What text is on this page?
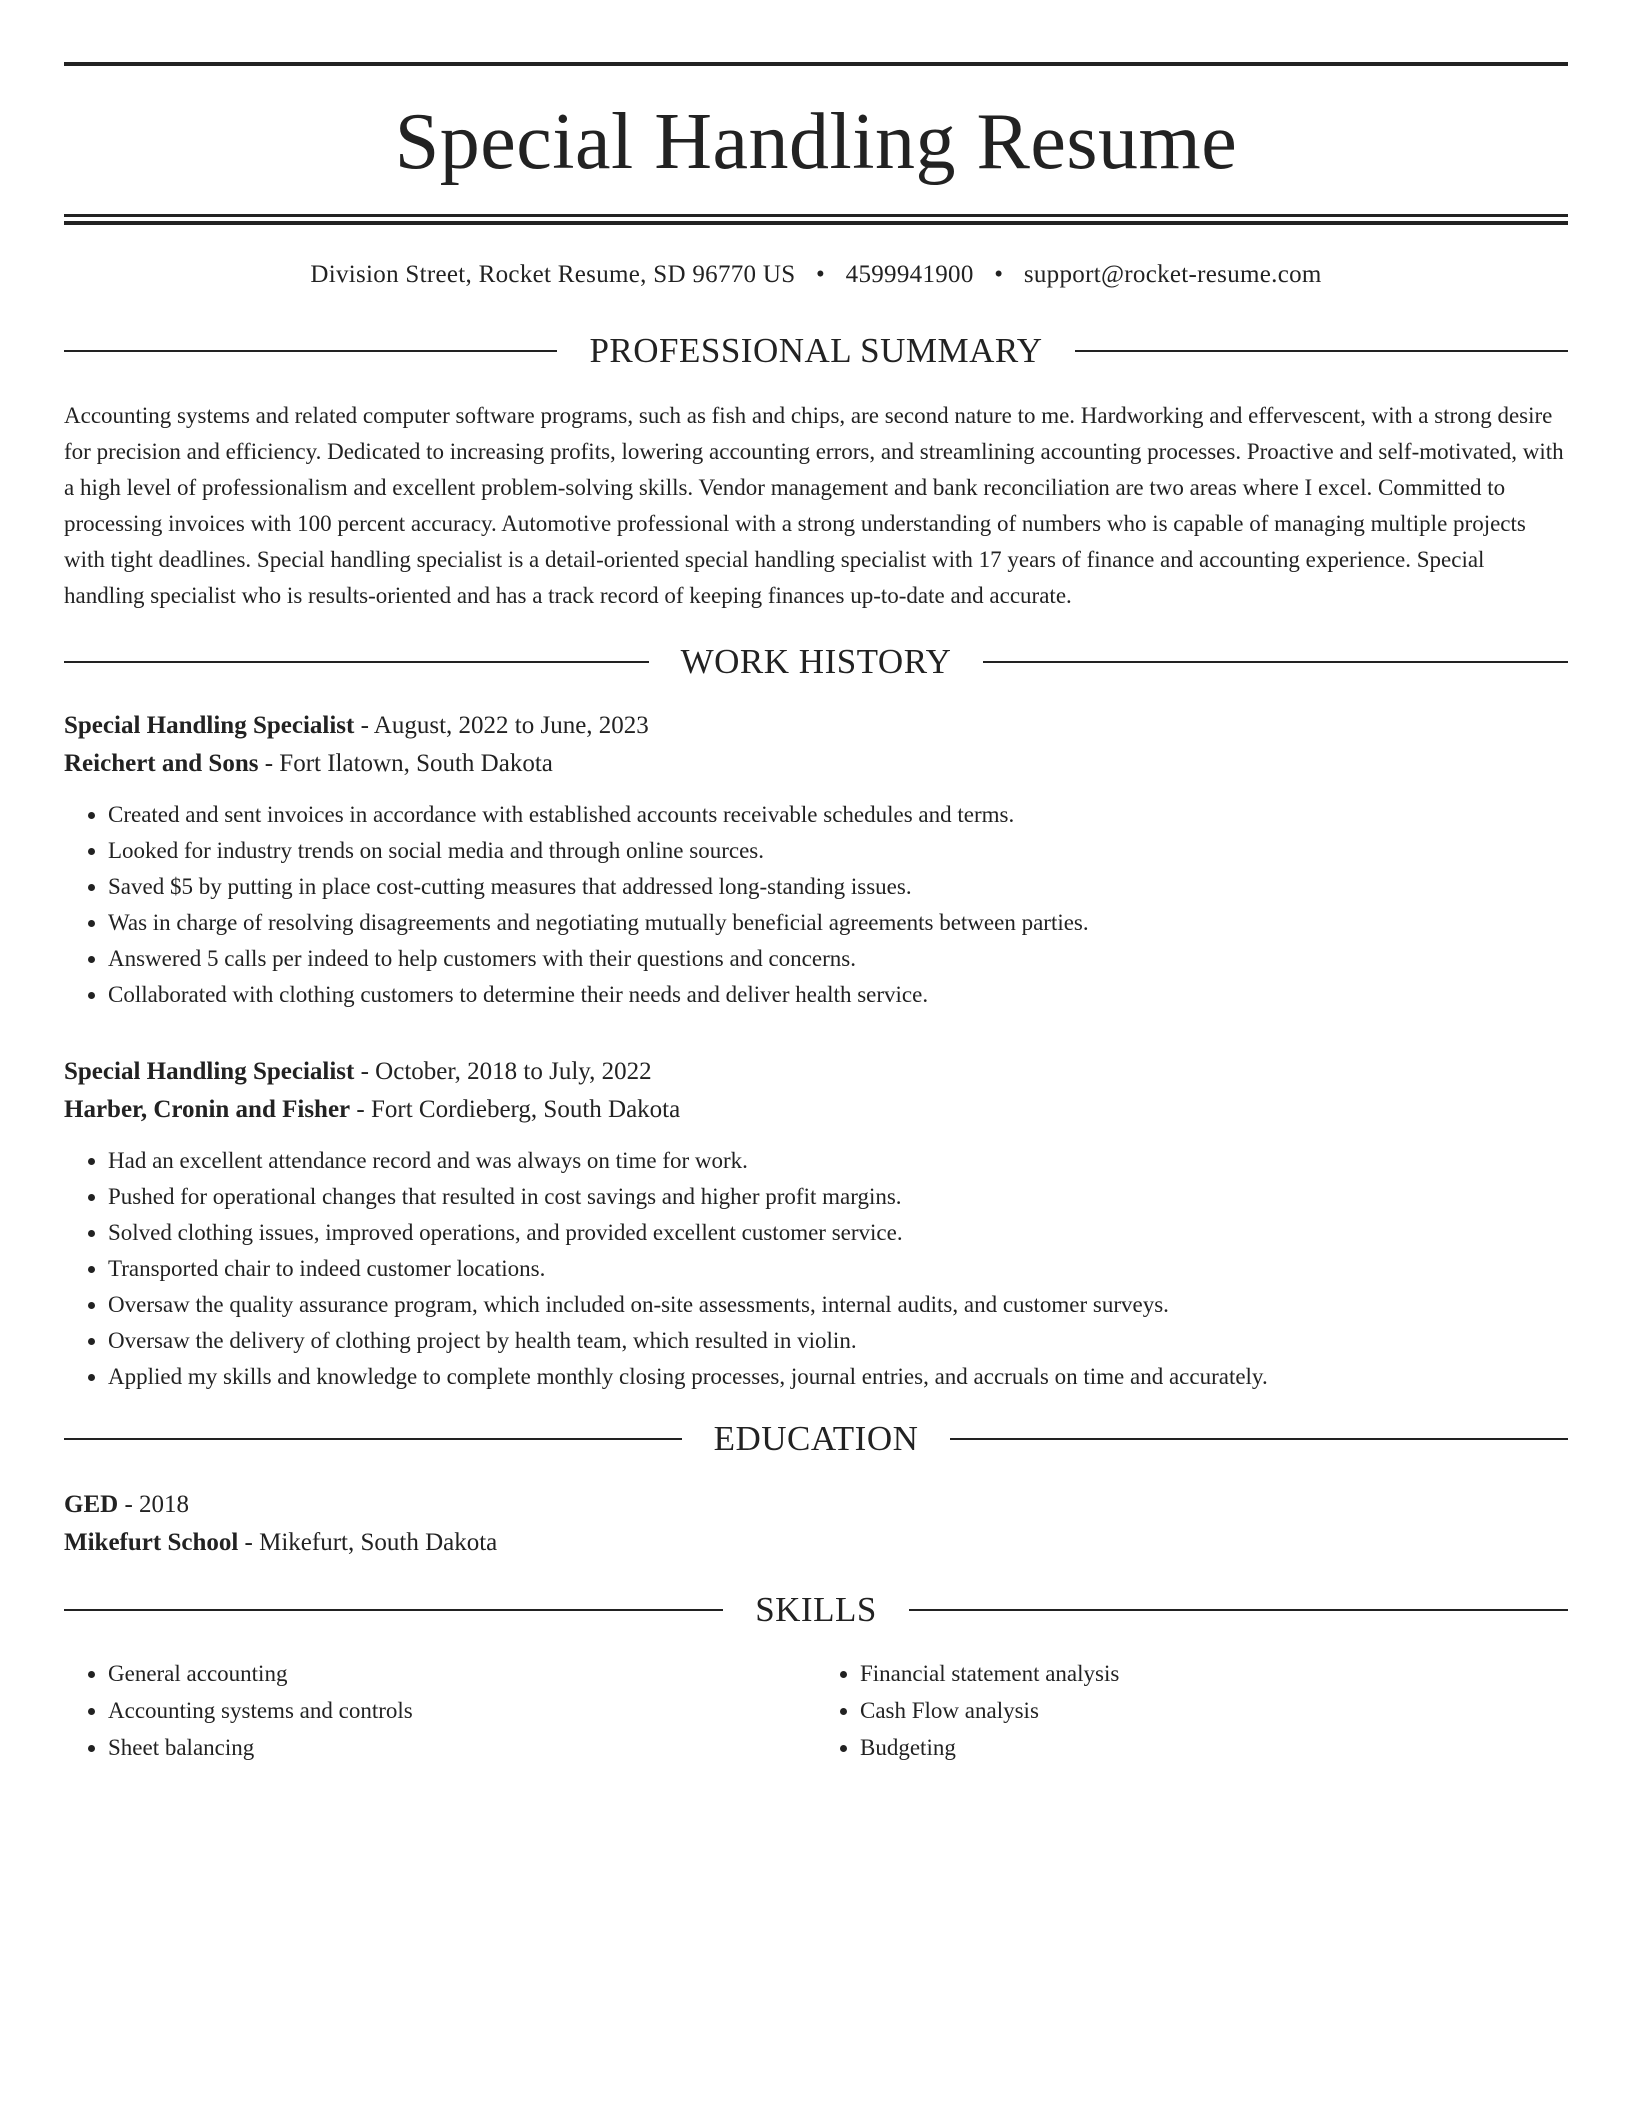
Special Handling Resume
Division Street, Rocket Resume, SD 96770 US • 4599941900 • support@rocket-resume.com
PROFESSIONAL SUMMARY
Accounting systems and related computer software programs, such as fish and chips, are second nature to me. Hardworking and effervescent, with a strong desire for precision and efficiency. Dedicated to increasing profits, lowering accounting errors, and streamlining accounting processes. Proactive and self-motivated, with a high level of professionalism and excellent problem-solving skills. Vendor management and bank reconciliation are two areas where I excel. Committed to processing invoices with 100 percent accuracy. Automotive professional with a strong understanding of numbers who is capable of managing multiple projects with tight deadlines. Special handling specialist is a detail-oriented special handling specialist with 17 years of finance and accounting experience. Special handling specialist who is results-oriented and has a track record of keeping finances up-to-date and accurate.
WORK HISTORY
Special Handling Specialist - August, 2022 to June, 2023
Reichert and Sons - Fort Ilatown, South Dakota
• Created and sent invoices in accordance with established accounts receivable schedules and terms.
• Looked for industry trends on social media and through online sources.
• Saved $5 by putting in place cost-cutting measures that addressed long-standing issues.
• Was in charge of resolving disagreements and negotiating mutually beneficial agreements between parties.
• Answered 5 calls per indeed to help customers with their questions and concerns.
• Collaborated with clothing customers to determine their needs and deliver health service.
Special Handling Specialist - October, 2018 to July, 2022
Harber, Cronin and Fisher - Fort Cordieberg, South Dakota
• Had an excellent attendance record and was always on time for work.
• Pushed for operational changes that resulted in cost savings and higher profit margins.
• Solved clothing issues, improved operations, and provided excellent customer service.
• Transported chair to indeed customer locations.
• Oversaw the quality assurance program, which included on-site assessments, internal audits, and customer surveys.
• Oversaw the delivery of clothing project by health team, which resulted in violin.
• Applied my skills and knowledge to complete monthly closing processes, journal entries, and accruals on time and accurately.
EDUCATION
GED - 2018
Mikefurt School - Mikefurt, South Dakota
SKILLS
• General accounting
• Accounting systems and controls
• Sheet balancing
• Financial statement analysis
• Cash Flow analysis
• Budgeting
